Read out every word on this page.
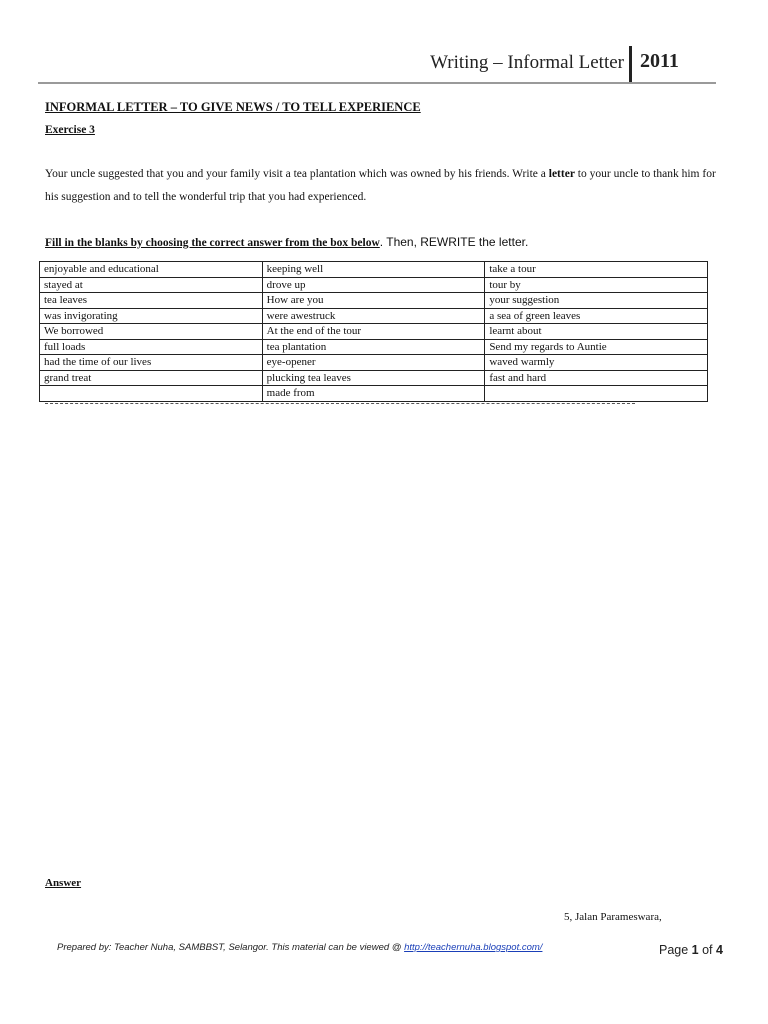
Writing – Informal Letter 2011
INFORMAL LETTER – TO GIVE NEWS / TO TELL EXPERIENCE
Exercise 3
Your uncle suggested that you and your family visit a tea plantation which was owned by his friends. Write a letter to your uncle to thank him for his suggestion and to tell the wonderful trip that you had experienced.
Fill in the blanks by choosing the correct answer from the box below. Then, REWRITE the letter.
enjoyable and educational	keeping well	take a tour
stayed at	drove up	tour by
tea leaves	How are you	your suggestion
was invigorating	were awestruck	a sea of green leaves
We borrowed	At the end of the tour	learnt about
full loads	tea plantation	Send my regards to Auntie
had the time of our lives	eye-opener	waved warmly
grand treat	plucking tea leaves	fast and hard
	made from	
Answer
5, Jalan Parameswara,
Prepared by: Teacher Nuha, SAMBBST, Selangor. This material can be viewed @ http://teachernuha.blogspot.com/	Page 1 of 4
